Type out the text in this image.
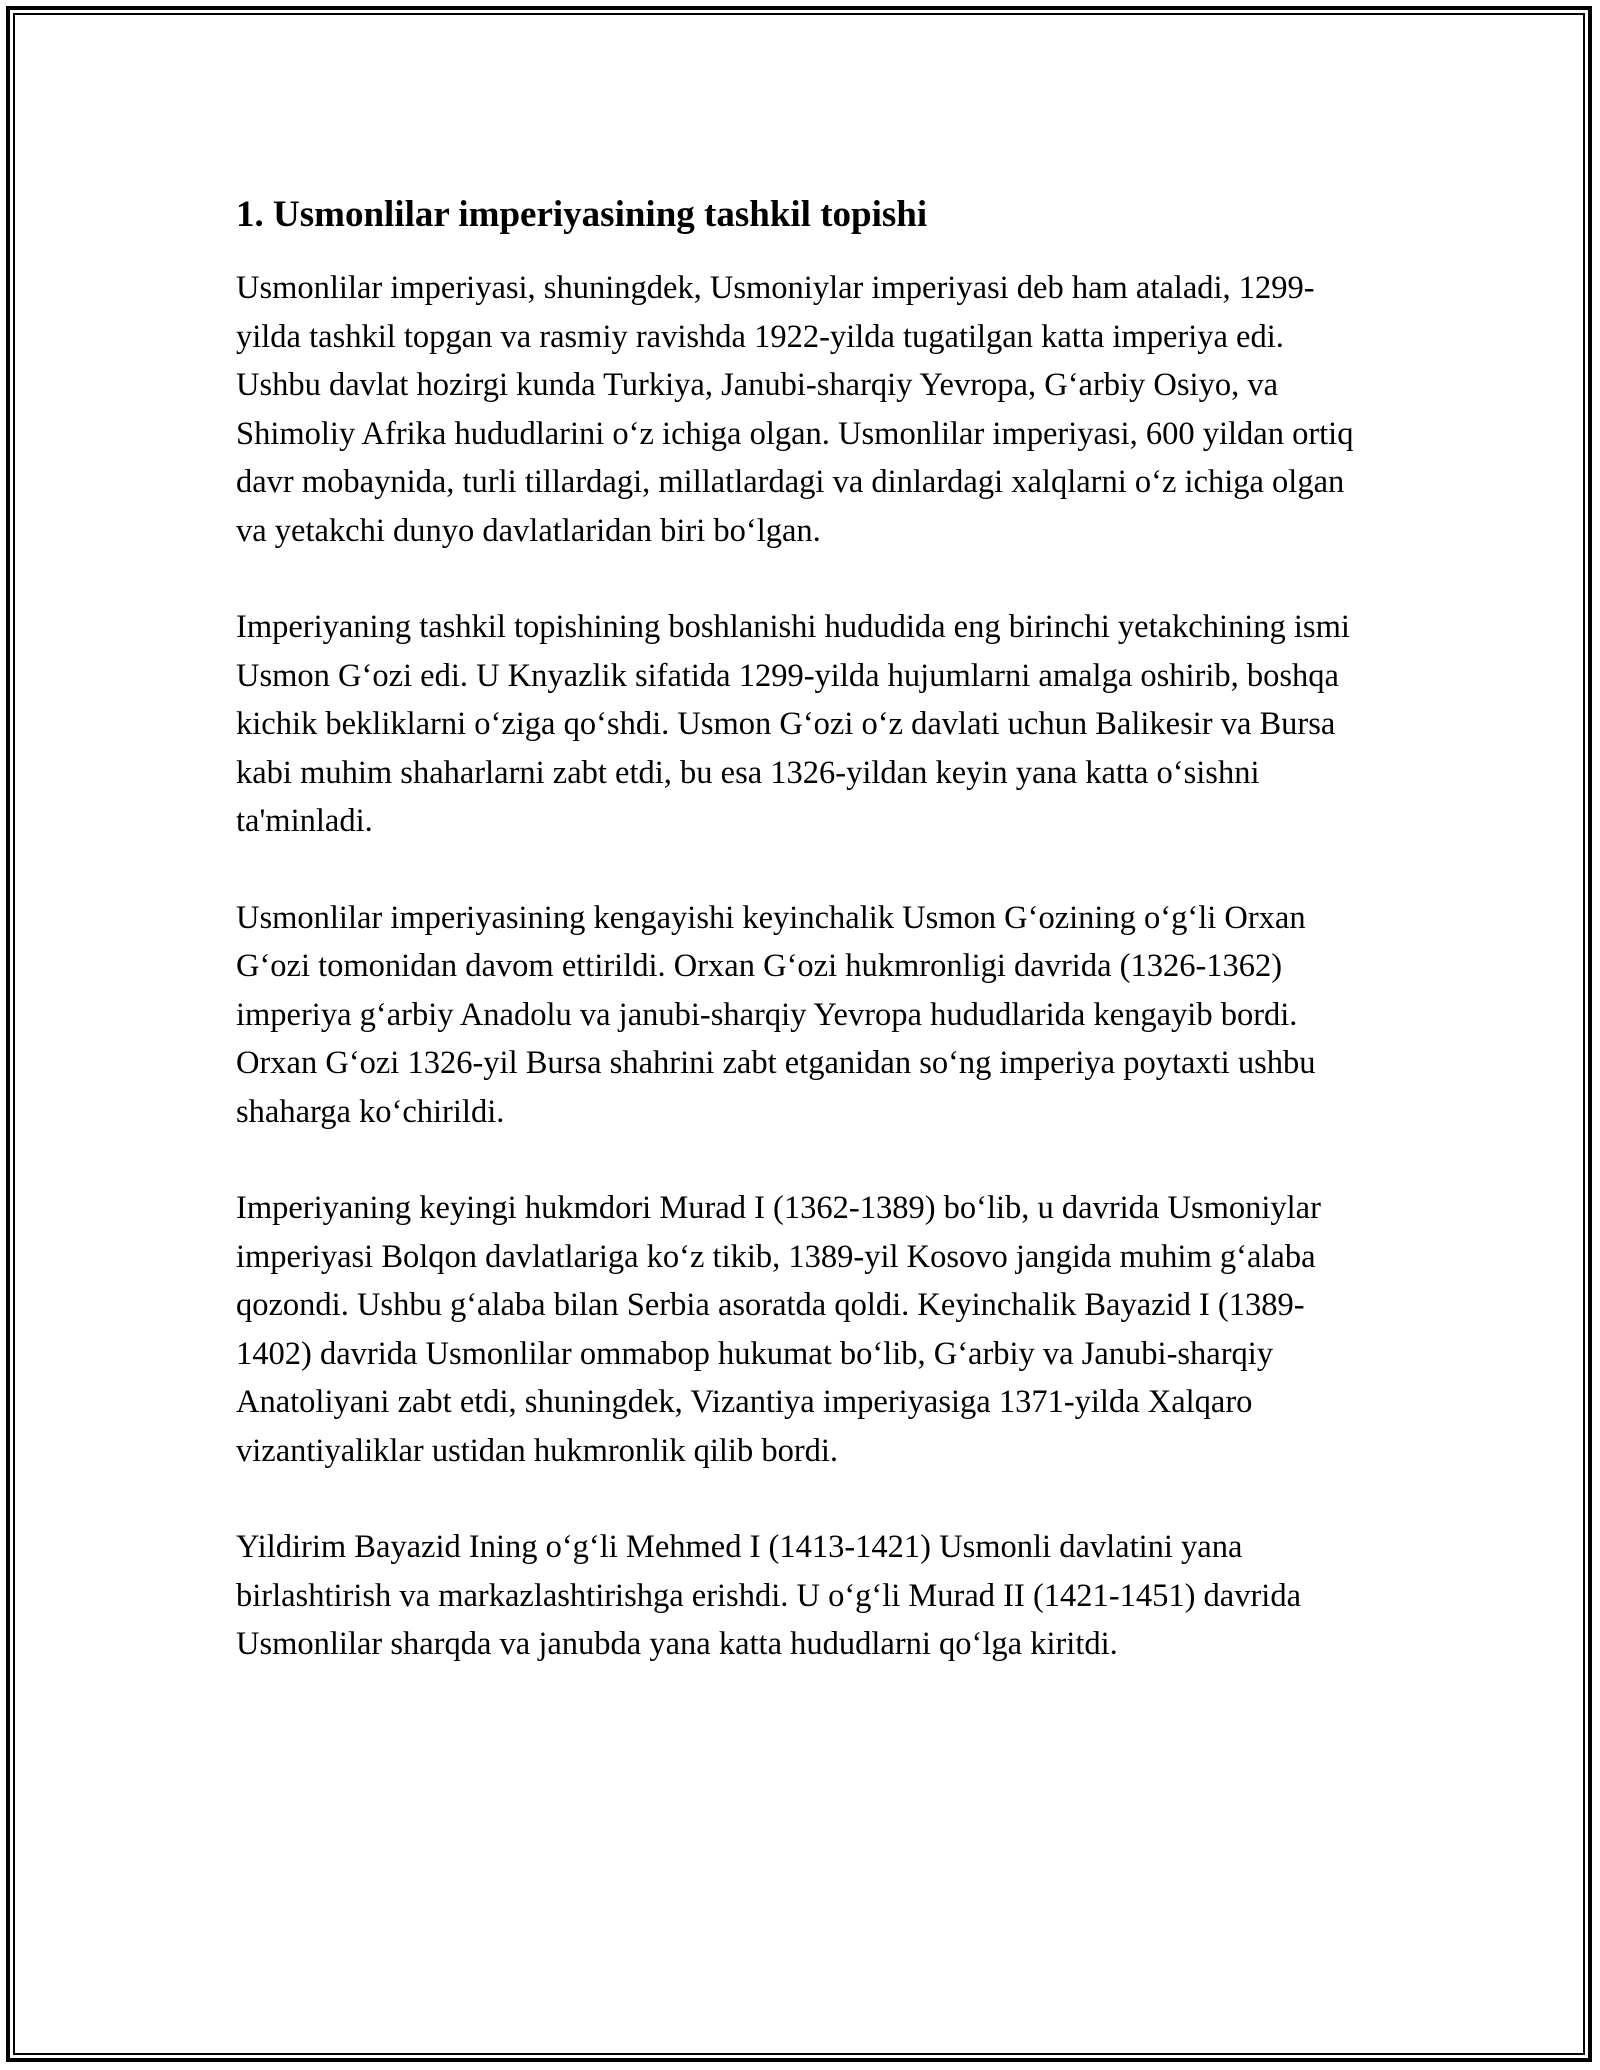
1. Usmonlilar imperiyasining tashkil topishi

Usmonlilar imperiyasi, shuningdek, Usmoniylar imperiyasi deb ham ataladi, 1299-yilda tashkil topgan va rasmiy ravishda 1922-yilda tugatilgan katta imperiya edi. Ushbu davlat hozirgi kunda Turkiya, Janubi-sharqiy Yevropa, G‘arbiy Osiyo, va Shimoliy Afrika hududlarini o‘z ichiga olgan. Usmonlilar imperiyasi, 600 yildan ortiq davr mobaynida, turli tillardagi, millatlardagi va dinlardagi xalqlarni o‘z ichiga olgan va yetakchi dunyo davlatlaridan biri bo‘lgan.

Imperiyaning tashkil topishining boshlanishi hududida eng birinchi yetakchining ismi Usmon G‘ozi edi. U Knyazlik sifatida 1299-yilda hujumlarni amalga oshirib, boshqa kichik bekliklarni o‘ziga qo‘shdi. Usmon G‘ozi o‘z davlati uchun Balikesir va Bursa kabi muhim shaharlarni zabt etdi, bu esa 1326-yildan keyin yana katta o‘sishni ta'minladi.

Usmonlilar imperiyasining kengayishi keyinchalik Usmon G‘ozining o‘g‘li Orxan G‘ozi tomonidan davom ettirildi. Orxan G‘ozi hukmronligi davrida (1326-1362) imperiya g‘arbiy Anadolu va janubi-sharqiy Yevropa hududlarida kengayib bordi. Orxan G‘ozi 1326-yil Bursa shahrini zabt etganidan so‘ng imperiya poytaxti ushbu shaharga ko‘chirildi.

Imperiyaning keyingi hukmdori Murad I (1362-1389) bo‘lib, u davrida Usmoniylar imperiyasi Bolqon davlatlariga ko‘z tikib, 1389-yil Kosovo jangida muhim g‘alaba qozondi. Ushbu g‘alaba bilan Serbia asoratda qoldi. Keyinchalik Bayazid I (1389-1402) davrida Usmonlilar ommabop hukumat bo‘lib, G‘arbiy va Janubi-sharqiy Anatoliyani zabt etdi, shuningdek, Vizantiya imperiyasiga 1371-yilda Xalqaro vizantiyaliklar ustidan hukmronlik qilib bordi.

Yildirim Bayazid Ining o‘g‘li Mehmed I (1413-1421) Usmonli davlatini yana birlashtirish va markazlashtirishga erishdi. U o‘g‘li Murad II (1421-1451) davrida Usmonlilar sharqda va janubda yana katta hududlarni qo‘lga kiritdi.
